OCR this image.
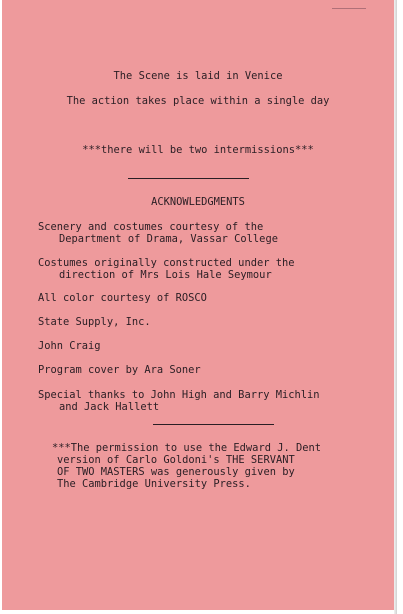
The Scene is laid in Venice
The action takes place within a single day
***there will be two intermissions***
ACKNOWLEDGMENTS
Scenery and costumes courtesy of the
Department of Drama, Vassar College
Costumes originally constructed under the
direction of Mrs Lois Hale Seymour
All color courtesy of ROSCO
State Supply, Inc.
John Craig
Program cover by Ara Soner
Special thanks to John High and Barry Michlin
and Jack Hallett
***The permission to use the Edward J. Dent
version of Carlo Goldoni's THE SERVANT
OF TWO MASTERS was generously given by
The Cambridge University Press.
